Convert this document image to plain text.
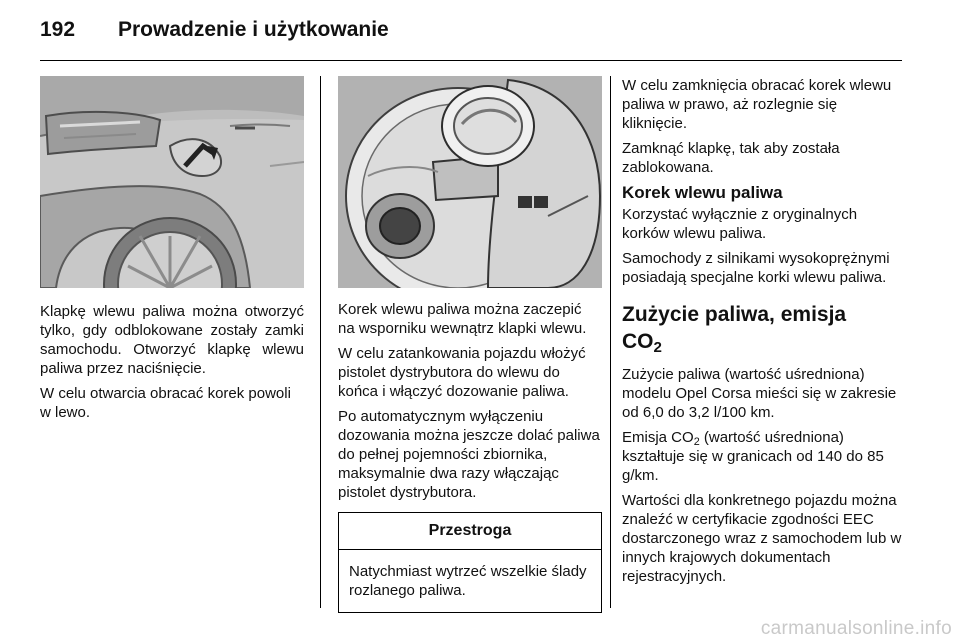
192 Prowadzenie i użytkowanie

Klapkę wlewu paliwa można otworzyć tylko, gdy odblokowane zostały zamki samochodu. Otworzyć klapkę wlewu paliwa przez naciśnięcie.

W celu otwarcia obracać korek powoli w lewo.

Korek wlewu paliwa można zaczepić na wsporniku wewnątrz klapki wlewu.

W celu zatankowania pojazdu włożyć pistolet dystrybutora do wlewu do końca i włączyć dozowanie paliwa.

Po automatycznym wyłączeniu dozowania można jeszcze dolać paliwa do pełnej pojemności zbiornika, maksymalnie dwa razy włączając pistolet dystrybutora.

Przestroga

Natychmiast wytrzeć wszelkie ślady rozlanego paliwa.

W celu zamknięcia obracać korek wlewu paliwa w prawo, aż rozlegnie się kliknięcie.

Zamknąć klapkę, tak aby została zablokowana.

Korek wlewu paliwa

Korzystać wyłącznie z oryginalnych korków wlewu paliwa.

Samochody z silnikami wysokoprężnymi posiadają specjalne korki wlewu paliwa.

Zużycie paliwa, emisja
$CO_2$

Zużycie paliwa (wartość uśredniona) modelu Opel Corsa mieści się w zakresie od 6,0 do 3,2 l/100 km.

Emisja $CO_2$ (wartość uśredniona) kształtuje się w granicach od 140 do 85 g/km.

Wartości dla konkretnego pojazdu można znaleźć w certyfikacie zgodności EEC dostarczonego wraz z samochodem lub w innych krajowych dokumentach rejestracyjnych.

carmanualsonline.info
